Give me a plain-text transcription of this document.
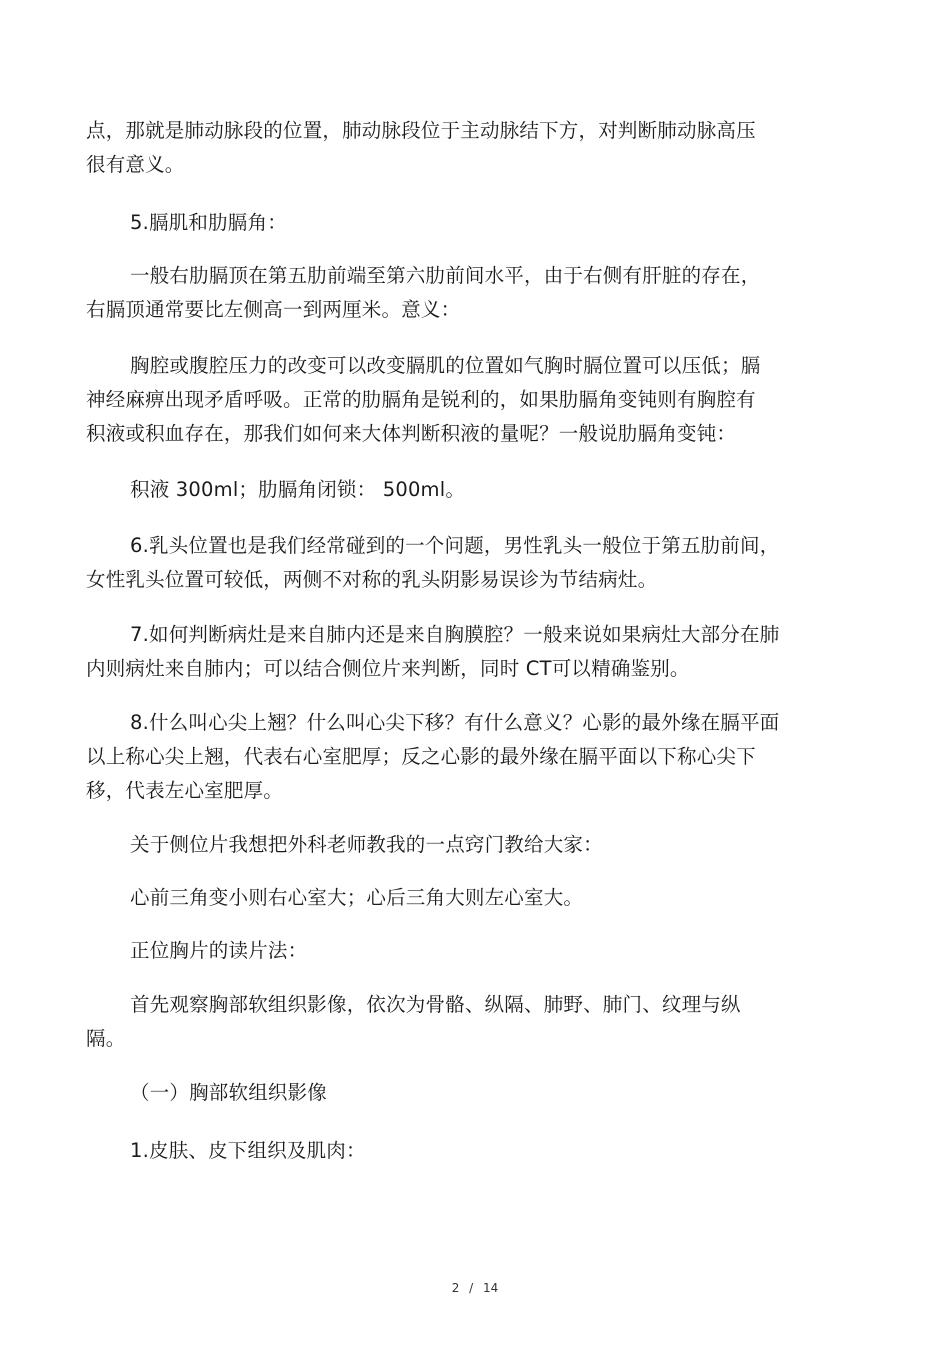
点，那就是肺动脉段的位置，肺动脉段位于主动脉结下方，对判断肺动脉高压
很有意义。

5.膈肌和肋膈角：

一般右肋膈顶在第五肋前端至第六肋前间水平，由于右侧有肝脏的存在，
右膈顶通常要比左侧高一到两厘米。意义：

胸腔或腹腔压力的改变可以改变膈肌的位置如气胸时膈位置可以压低；膈
神经麻痹出现矛盾呼吸。正常的肋膈角是锐利的，如果肋膈角变钝则有胸腔有
积液或积血存在，那我们如何来大体判断积液的量呢？一般说肋膈角变钝：

积液 300ml；肋膈角闭锁： 500ml。

6.乳头位置也是我们经常碰到的一个问题，男性乳头一般位于第五肋前间，
女性乳头位置可较低，两侧不对称的乳头阴影易误诊为节结病灶。

7.如何判断病灶是来自肺内还是来自胸膜腔？一般来说如果病灶大部分在肺
内则病灶来自肺内；可以结合侧位片来判断，同时 CT可以精确鉴别。

8.什么叫心尖上翘？什么叫心尖下移？有什么意义？心影的最外缘在膈平面
以上称心尖上翘，代表右心室肥厚；反之心影的最外缘在膈平面以下称心尖下
移，代表左心室肥厚。

关于侧位片我想把外科老师教我的一点窍门教给大家：

心前三角变小则右心室大；心后三角大则左心室大。

正位胸片的读片法：

首先观察胸部软组织影像，依次为骨骼、纵隔、肺野、肺门、纹理与纵
隔。

（一）胸部软组织影像

1.皮肤、皮下组织及肌肉：

2 / 14
